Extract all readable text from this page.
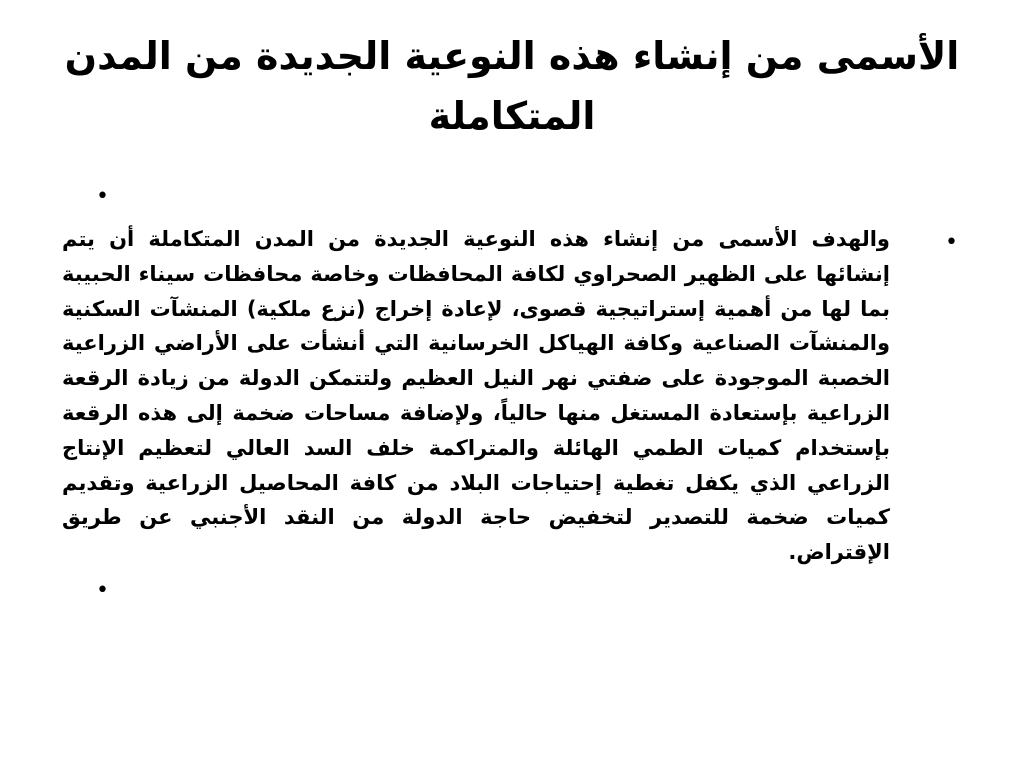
الأسمى من إنشاء هذه النوعية الجديدة من المدن المتكاملة
•
•

والهدف الأسمى من إنشاء هذه النوعية الجديدة من المدن المتكاملة أن يتم إنشائها على الظهير الصحراوي لكافة المحافظات وخاصة محافظات سيناء الحبيبة بما لها من أهمية إستراتيجية قصوى، لإعادة إخراج (نزع ملكية) المنشآت السكنية والمنشآت الصناعية وكافة الهياكل الخرسانية التي أنشأت على الأراضي الزراعية الخصبة الموجودة على ضفتي نهر النيل العظيم ولتتمكن الدولة من زيادة الرقعة الزراعية بإستعادة المستغل منها حالياً، ولإضافة مساحات ضخمة إلى هذه الرقعة بإستخدام كميات الطمي الهائلة والمتراكمة خلف السد العالي لتعظيم الإنتاج الزراعي الذي يكفل تغطية إحتياجات البلاد من كافة المحاصيل الزراعية وتقديم كميات ضخمة للتصدير لتخفيض حاجة الدولة من النقد الأجنبي عن طريق الإقتراض.

•
